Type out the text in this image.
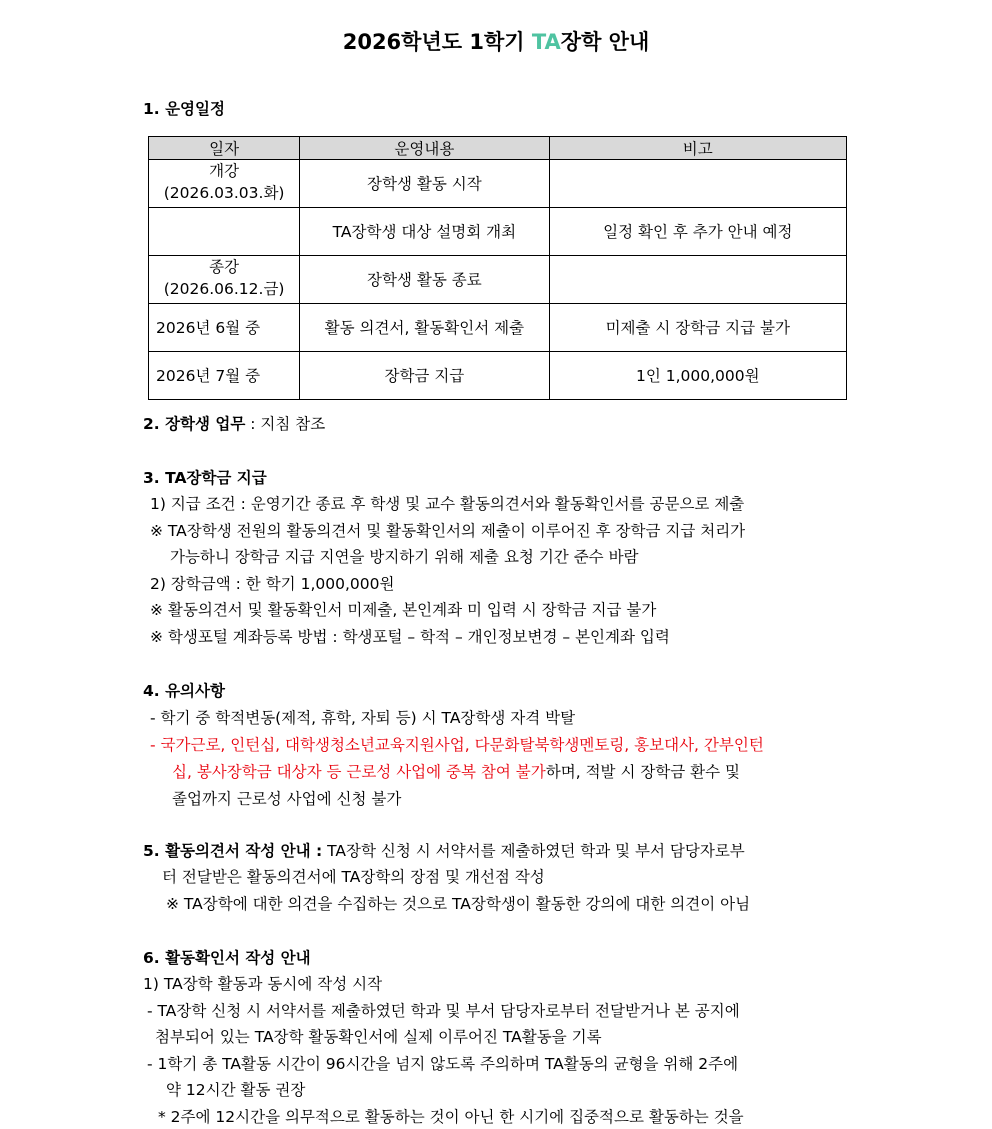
2026학년도 1학기 TA장학 안내
1. 운영일정
일자	운영내용	비고

개강
(2026.03.03.화)	장학생 활동 시작	
	TA장학생 대상 설명회 개최	일정 확인 후 추가 안내 예정

종강
(2026.06.12.금)	장학생 활동 종료	
2026년 6월 중	활동 의견서, 활동확인서 제출	미제출 시 장학금 지급 불가
2026년 7월 중	장학금 지급	1인 1,000,000원
2. 장학생 업무 : 지침 참조
3. TA장학금 지급
1) 지급 조건 : 운영기간 종료 후 학생 및 교수 활동의견서와 활동확인서를 공문으로 제출
※ TA장학생 전원의 활동의견서 및 활동확인서의 제출이 이루어진 후 장학금 지급 처리가
가능하니 장학금 지급 지연을 방지하기 위해 제출 요청 기간 준수 바람
2) 장학금액 : 한 학기 1,000,000원
※ 활동의견서 및 활동확인서 미제출, 본인계좌 미 입력 시 장학금 지급 불가
※ 학생포털 계좌등록 방법 : 학생포털 – 학적 – 개인정보변경 – 본인계좌 입력
4. 유의사항
- 학기 중 학적변동(제적, 휴학, 자퇴 등) 시 TA장학생 자격 박탈
- 국가근로, 인턴십, 대학생청소년교육지원사업, 다문화탈북학생멘토링, 홍보대사, 간부인턴
십, 봉사장학금 대상자 등 근로성 사업에 중복 참여 불가하며, 적발 시 장학금 환수 및
졸업까지 근로성 사업에 신청 불가
5. 활동의견서 작성 안내 : TA장학 신청 시 서약서를 제출하였던 학과 및 부서 담당자로부
터 전달받은 활동의견서에 TA장학의 장점 및 개선점 작성
※ TA장학에 대한 의견을 수집하는 것으로 TA장학생이 활동한 강의에 대한 의견이 아님
6. 활동확인서 작성 안내
1) TA장학 활동과 동시에 작성 시작
- TA장학 신청 시 서약서를 제출하였던 학과 및 부서 담당자로부터 전달받거나 본 공지에
첨부되어 있는 TA장학 활동확인서에 실제 이루어진 TA활동을 기록
- 1학기 총 TA활동 시간이 96시간을 넘지 않도록 주의하며 TA활동의 균형을 위해 2주에
약 12시간 활동 권장
* 2주에 12시간을 의무적으로 활동하는 것이 아닌 한 시기에 집중적으로 활동하는 것을
